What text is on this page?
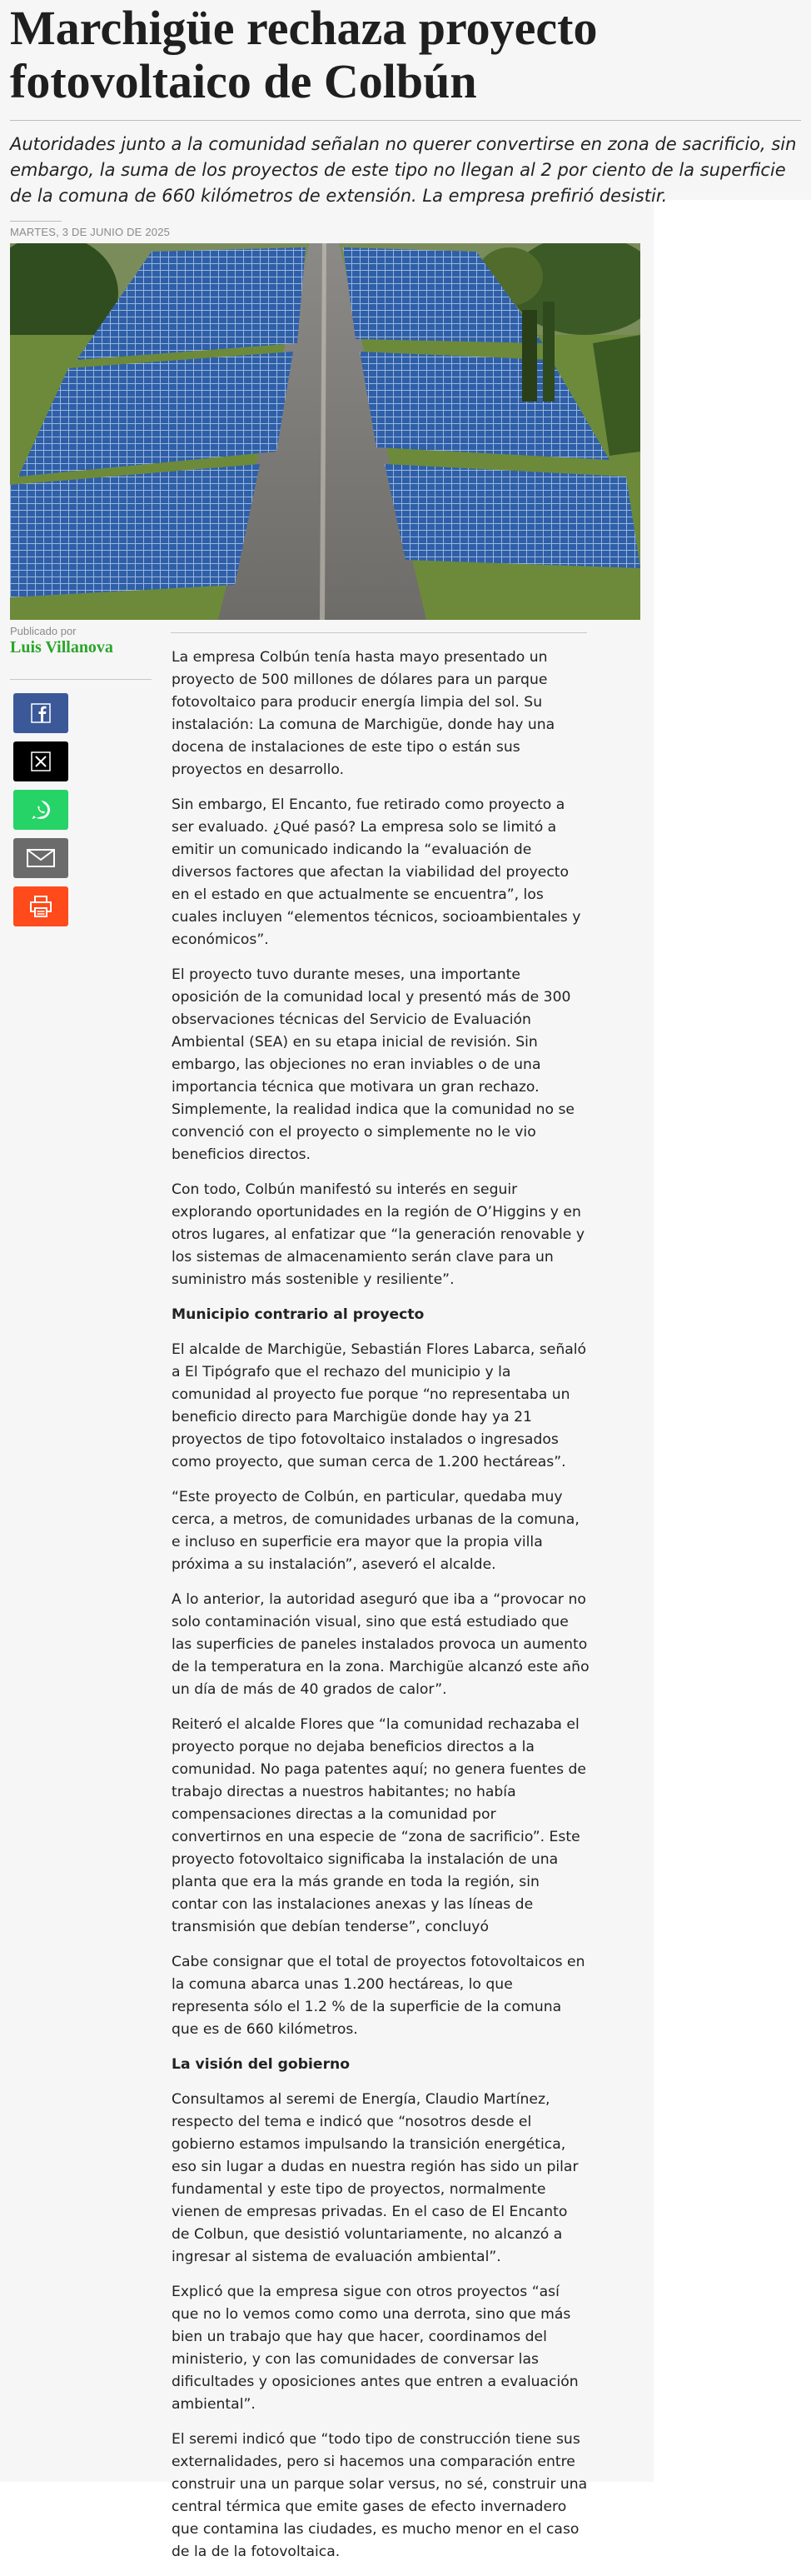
Marchigüe rechaza proyecto fotovoltaico de Colbún

Autoridades junto a la comunidad señalan no querer convertirse en zona de sacrificio, sin embargo, la suma de los proyectos de este tipo no llegan al 2 por ciento de la superficie de la comuna de 660 kilómetros de extensión. La empresa prefirió desistir.

MARTES, 3 DE JUNIO DE 2025
Publicado por
Luis Villanova

La empresa Colbún tenía hasta mayo presentado un proyecto de 500 millones de dólares para un parque fotovoltaico para producir energía limpia del sol. Su instalación: La comuna de Marchigüe, donde hay una docena de instalaciones de este tipo o están sus proyectos en desarrollo.

Sin embargo, El Encanto, fue retirado como proyecto a ser evaluado. ¿Qué pasó? La empresa solo se limitó a emitir un comunicado indicando la “evaluación de diversos factores que afectan la viabilidad del proyecto en el estado en que actualmente se encuentra”, los cuales incluyen “elementos técnicos, socioambientales y económicos”.

El proyecto tuvo durante meses, una importante oposición de la comunidad local y presentó más de 300 observaciones técnicas del Servicio de Evaluación Ambiental (SEA) en su etapa inicial de revisión. Sin embargo, las objeciones no eran inviables o de una importancia técnica que motivara un gran rechazo. Simplemente, la realidad indica que la comunidad no se convenció con el proyecto o simplemente no le vio beneficios directos.

Con todo, Colbún manifestó su interés en seguir explorando oportunidades en la región de O’Higgins y en otros lugares, al enfatizar que “la generación renovable y los sistemas de almacenamiento serán clave para un suministro más sostenible y resiliente”.

Municipio contrario al proyecto

El alcalde de Marchigüe, Sebastián Flores Labarca, señaló a El Tipógrafo que el rechazo del municipio y la comunidad al proyecto fue porque “no representaba un beneficio directo para Marchigüe donde hay ya 21 proyectos de tipo fotovoltaico instalados o ingresados como proyecto, que suman cerca de 1.200 hectáreas”.

“Este proyecto de Colbún, en particular, quedaba muy cerca, a metros, de comunidades urbanas de la comuna, e incluso en superficie era mayor que la propia villa próxima a su instalación”, aseveró el alcalde.

A lo anterior, la autoridad aseguró que iba a “provocar no solo contaminación visual, sino que está estudiado que las superficies de paneles instalados provoca un aumento de la temperatura en la zona. Marchigüe alcanzó este año un día de más de 40 grados de calor”.

Reiteró el alcalde Flores que “la comunidad rechazaba el proyecto porque no dejaba beneficios directos a la comunidad. No paga patentes aquí; no genera fuentes de trabajo directas a nuestros habitantes; no había compensaciones directas a la comunidad por convertirnos en una especie de “zona de sacrificio”. Este proyecto fotovoltaico significaba la instalación de una planta que era la más grande en toda la región, sin contar con las instalaciones anexas y las líneas de transmisión que debían tenderse”, concluyó

Cabe consignar que el total de proyectos fotovoltaicos en la comuna abarca unas 1.200 hectáreas, lo que representa sólo el 1.2 % de la superficie de la comuna que es de 660 kilómetros.

La visión del gobierno

Consultamos al seremi de Energía, Claudio Martínez, respecto del tema e indicó que “nosotros desde el gobierno estamos impulsando la transición energética, eso sin lugar a dudas en nuestra región has sido un pilar fundamental y este tipo de proyectos, normalmente vienen de empresas privadas. En el caso de El Encanto de Colbun, que desistió voluntariamente, no alcanzó a ingresar al sistema de evaluación ambiental”.

Explicó que la empresa sigue con otros proyectos “así que no lo vemos como como una derrota, sino que más bien un trabajo que hay que hacer, coordinamos del ministerio, y con las comunidades de conversar las dificultades y oposiciones antes que entren a evaluación ambiental”.

El seremi indicó que “todo tipo de construcción tiene sus externalidades, pero si hacemos una comparación entre construir una un parque solar versus, no sé, construir una central térmica que emite gases de efecto invernadero que contamina las ciudades, es mucho menor en el caso de la de la fotovoltaica.
